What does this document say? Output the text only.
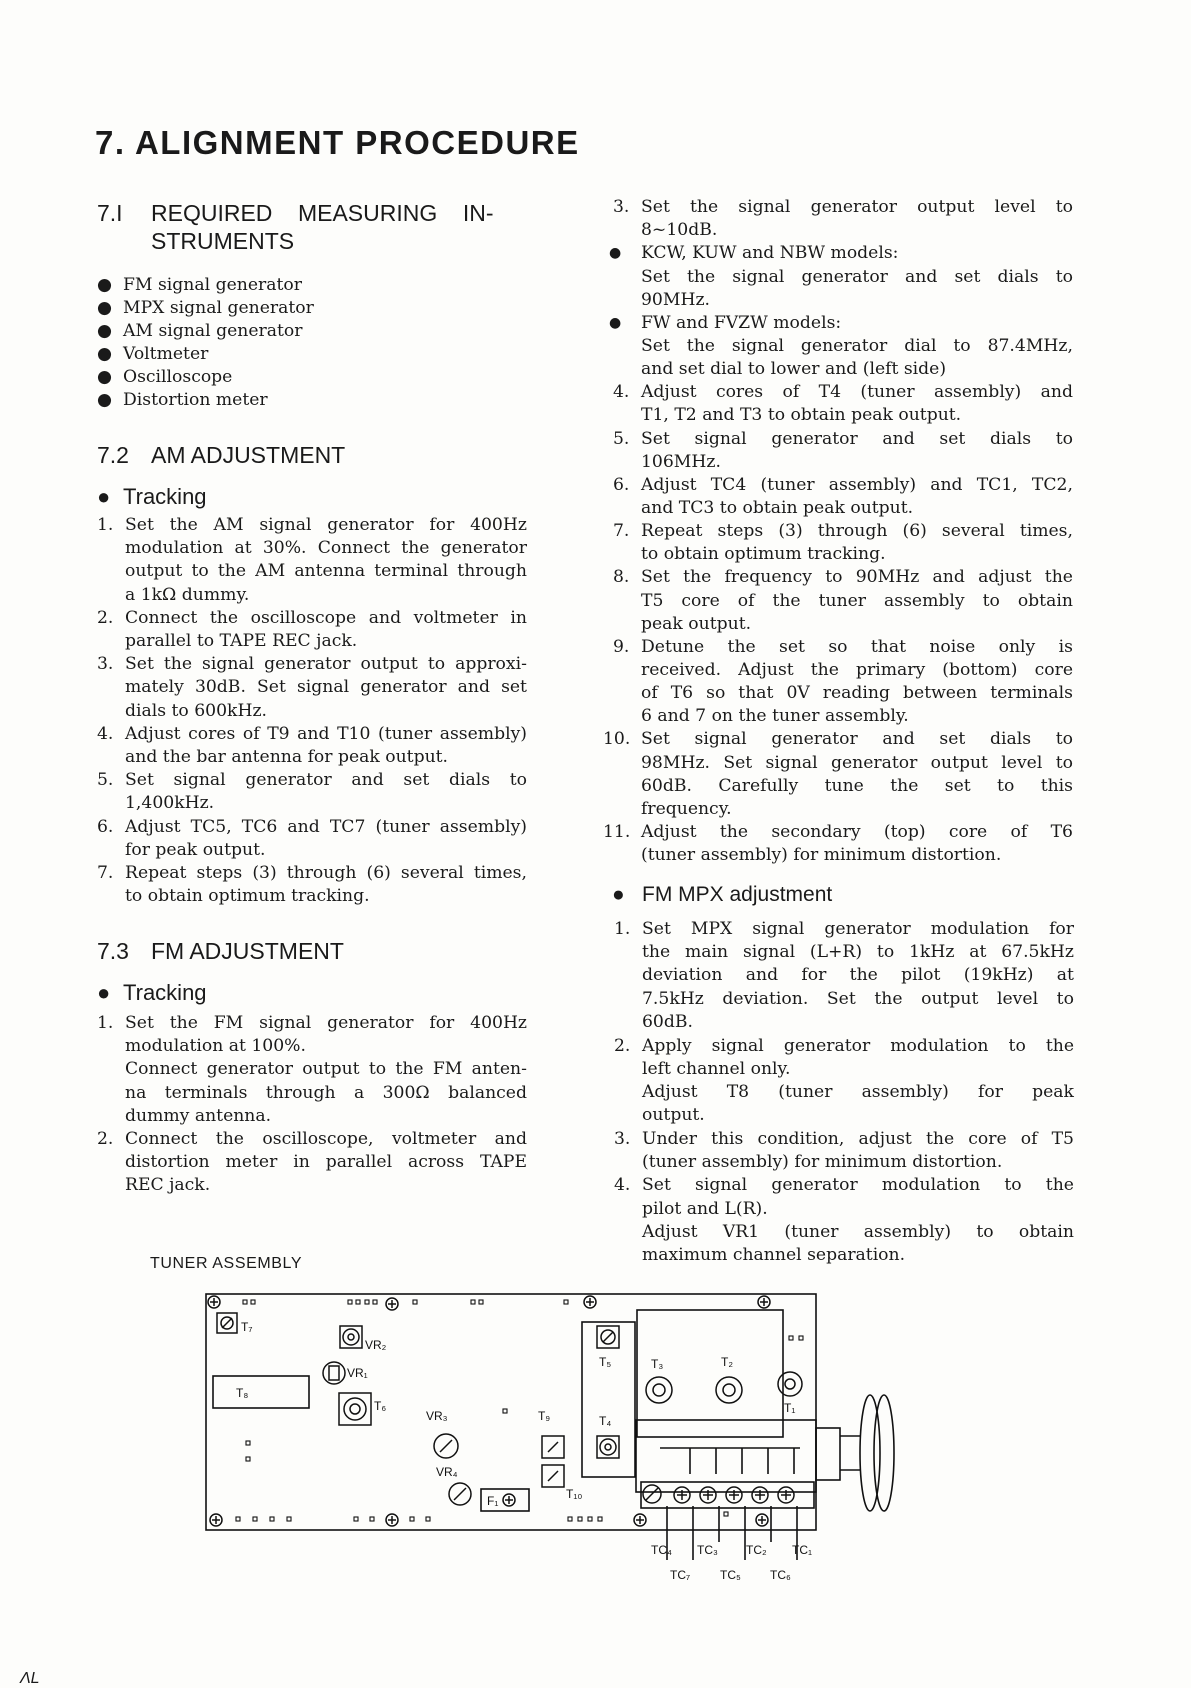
7. ALIGNMENT PROCEDURE
7.I REQUIRED    MEASURING    IN-
STRUMENTS
● FM signal generator
● MPX signal generator
● AM signal generator
● Voltmeter
● Oscilloscope
● Distortion meter
7.2 AM ADJUSTMENT
● Tracking
1. Set the AM signal generator for 400Hz
modulation at 30%. Connect the generator
output to the AM antenna terminal through
a 1kΩ dummy.
2. Connect the oscilloscope and voltmeter in
parallel to TAPE REC jack.
3. Set the signal generator output to approxi-
mately 30dB. Set signal generator and set
dials to 600kHz.
4. Adjust cores of T9 and T10 (tuner assembly)
and the bar antenna for peak output.
5. Set signal generator and set dials to
1,400kHz.
6. Adjust TC5, TC6 and TC7 (tuner assembly)
for peak output.
7. Repeat steps (3) through (6) several times,
to obtain optimum tracking.
7.3 FM ADJUSTMENT
● Tracking
1. Set the FM signal generator for 400Hz
modulation at 100%.
Connect generator output to the FM anten-
na terminals through a 300Ω balanced
dummy antenna.
2. Connect the oscilloscope, voltmeter and
distortion meter in parallel across TAPE
REC jack.
3. Set the signal generator output level to
8~10dB.
● KCW, KUW and NBW models:
Set the signal generator and set dials to
90MHz.
● FW and FVZW models:
Set the signal generator dial to 87.4MHz,
and set dial to lower and (left side)
4. Adjust cores of T4 (tuner assembly) and
T1, T2 and T3 to obtain peak output.
5. Set signal generator and set dials to
106MHz.
6. Adjust TC4 (tuner assembly) and TC1, TC2,
and TC3 to obtain peak output.
7. Repeat steps (3) through (6) several times,
to obtain optimum tracking.
8. Set the frequency to 90MHz and adjust the
T5 core of the tuner assembly to obtain
peak output.
9. Detune the set so that noise only is
received. Adjust the primary (bottom) core
of T6 so that 0V reading between terminals
6 and 7 on the tuner assembly.
10. Set signal generator and set dials to
98MHz. Set signal generator output level to
60dB. Carefully tune the set to this
frequency.
11. Adjust the secondary (top) core of T6
(tuner assembly) for minimum distortion.
● FM MPX adjustment
1. Set MPX signal generator modulation for
the main signal (L+R) to 1kHz at 67.5kHz
deviation and for the pilot (19kHz) at
7.5kHz deviation. Set the output level to
60dB.
2. Apply signal generator modulation to the
left channel only.
Adjust T8 (tuner assembly) for peak
output.
3. Under this condition, adjust the core of T5
(tuner assembly) for minimum distortion.
4. Set signal generator modulation to the
pilot and L(R).
Adjust VR1 (tuner assembly) to obtain
maximum channel separation.
TUNER ASSEMBLY
T₇
T₈
VR₂
VR₁
T₆
VR₃
VR₄
T₉
T₁₀
T₅
T₄
T₃	T₂
T₁
F₁
TC₄ TC₃ TC₂ TC₁
TC₇ TC₅ TC₆
ΛL
